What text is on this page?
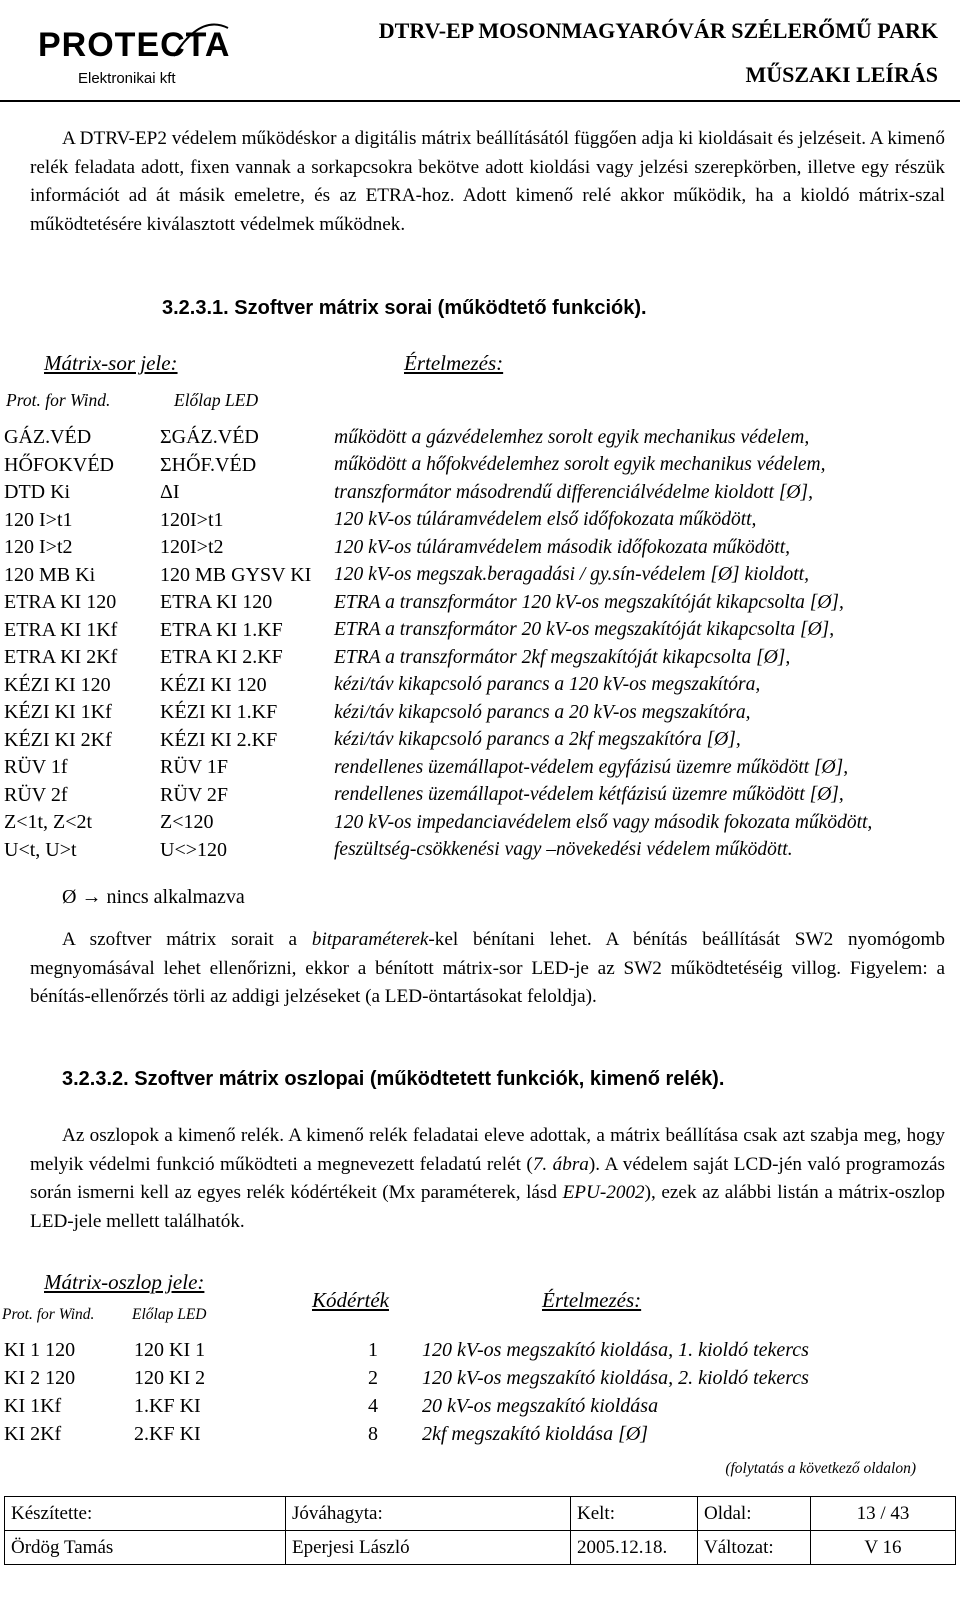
PROTECTA
Elektronikai kft
DTRV-EP MOSONMAGYARÓVÁR SZÉLERŐMŰ PARK
MŰSZAKI LEÍRÁS

A DTRV-EP2 védelem működéskor a digitális mátrix beállításától függően adja ki kioldásait és jelzéseit. A kimenő relék feladata adott, fixen vannak a sorkapcsokra bekötve adott kioldási vagy jelzési szerepkörben, illetve egy részük információt ad át másik emeletre, és az ETRA-hoz. Adott kimenő relé akkor működik, ha a kioldó mátrix-szal működtetésére kiválasztott védelmek működnek.

3.2.3.1. Szoftver mátrix sorai (működtető funkciók).
Mátrix-sor jele:	Értelmezés:
Prot. for Wind.	Előlap LED
GÁZ.VÉD	ΣGÁZ.VÉD	működött a gázvédelemhez sorolt egyik mechanikus védelem,
HŐFOKVÉD	ΣHŐF.VÉD	működött a hőfokvédelemhez sorolt egyik mechanikus védelem,
DTD Ki	ΔI	transzformátor másodrendű differenciálvédelme kioldott [Ø],
120 I>t1	120I>t1	120 kV-os túláramvédelem első időfokozata működött,
120 I>t2	120I>t2	120 kV-os túláramvédelem második időfokozata működött,
120 MB Ki	120 MB GYSV KI	120 kV-os megszak.beragadási / gy.sín-védelem [Ø] kioldott,
ETRA KI 120	ETRA KI 120	ETRA a transzformátor 120 kV-os megszakítóját kikapcsolta [Ø],
ETRA KI 1Kf	ETRA KI 1.KF	ETRA a transzformátor 20 kV-os megszakítóját kikapcsolta [Ø],
ETRA KI 2Kf	ETRA KI 2.KF	ETRA a transzformátor 2kf megszakítóját kikapcsolta [Ø],
KÉZI KI 120	KÉZI KI 120	kézi/táv kikapcsoló parancs a 120 kV-os megszakítóra,
KÉZI KI 1Kf	KÉZI KI 1.KF	kézi/táv kikapcsoló parancs a 20 kV-os megszakítóra,
KÉZI KI 2Kf	KÉZI KI 2.KF	kézi/táv kikapcsoló parancs a 2kf megszakítóra [Ø],
RÜV 1f	RÜV 1F	rendellenes üzemállapot-védelem egyfázisú üzemre működött [Ø],
RÜV 2f	RÜV 2F	rendellenes üzemállapot-védelem kétfázisú üzemre működött [Ø],
Z<1t, Z<2t	Z<120	120 kV-os impedanciavédelem első vagy második fokozata működött,
U<t, U>t	U<>120	feszültség-csökkenési vagy –növekedési védelem működött.
Ø → nincs alkalmazva

A szoftver mátrix sorait a bitparaméterek-kel bénítani lehet. A bénítás beállítását SW2 nyomógomb megnyomásával lehet ellenőrizni, ekkor a bénított mátrix-sor LED-je az SW2 működtetéséig villog. Figyelem: a bénítás-ellenőrzés törli az addigi jelzéseket (a LED-öntartásokat feloldja).

3.2.3.2. Szoftver mátrix oszlopai (működtetett funkciók, kimenő relék).

Az oszlopok a kimenő relék. A kimenő relék feladatai eleve adottak, a mátrix beállítása csak azt szabja meg, hogy melyik védelmi funkció működteti a megnevezett feladatú relét (7. ábra). A védelem saját LCD-jén való programozás során ismerni kell az egyes relék kódértékeit (Mx paraméterek, lásd EPU-2002), ezek az alábbi listán a mátrix-oszlop LED-jele mellett találhatók.

Mátrix-oszlop jele:
Kódérték	Értelmezés:
Prot. for Wind. Előlap LED
KI 1 120	120 KI 1	1	120 kV-os megszakító kioldása, 1. kioldó tekercs
KI 2 120	120 KI 2	2	120 kV-os megszakító kioldása, 2. kioldó tekercs
KI 1Kf	1.KF KI	4	20 kV-os megszakító kioldása
KI 2Kf	2.KF KI	8	2kf megszakító kioldása [Ø]
(folytatás a következő oldalon)
Készítette:	Jóváhagyta:	Kelt:	Oldal:	13 / 43
Ördög Tamás	Eperjesi László	2005.12.18.	Változat:	V 16
